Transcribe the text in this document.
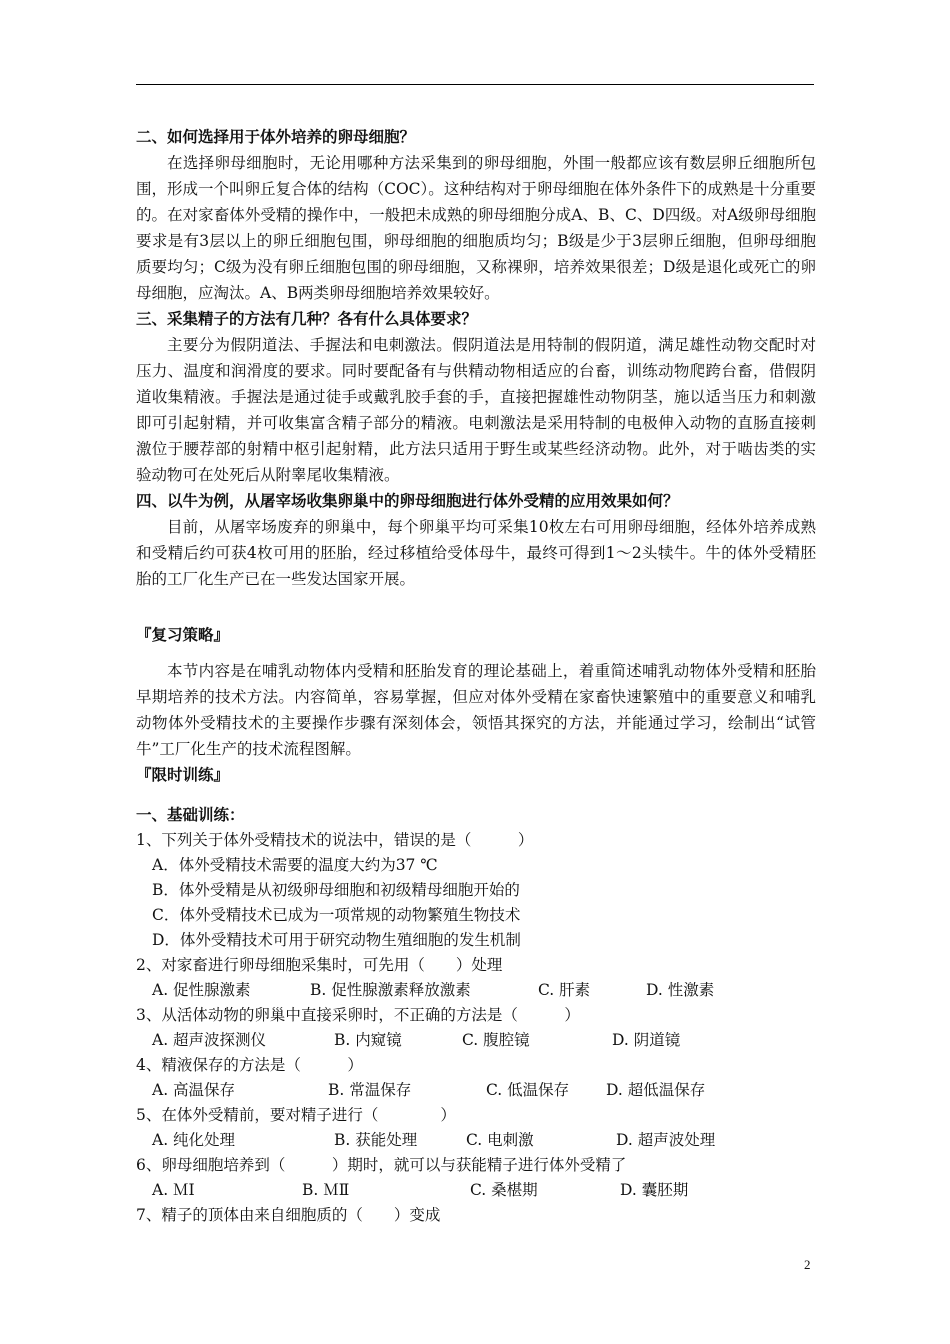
二、如何选择用于体外培养的卵母细胞？

在选择卵母细胞时，无论用哪种方法采集到的卵母细胞，外围一般都应该有数层卵丘细胞所包围，形成一个叫卵丘复合体的结构（COC）。这种结构对于卵母细胞在体外条件下的成熟是十分重要的。在对家畜体外受精的操作中，一般把未成熟的卵母细胞分成A、B、C、D四级。对A级卵母细胞要求是有3层以上的卵丘细胞包围，卵母细胞的细胞质均匀；B级是少于3层卵丘细胞，但卵母细胞质要均匀；C级为没有卵丘细胞包围的卵母细胞，又称裸卵，培养效果很差；D级是退化或死亡的卵母细胞，应淘汰。A、B两类卵母细胞培养效果较好。

三、采集精子的方法有几种？各有什么具体要求？

主要分为假阴道法、手握法和电刺激法。假阴道法是用特制的假阴道，满足雄性动物交配时对压力、温度和润滑度的要求。同时要配备有与供精动物相适应的台畜，训练动物爬跨台畜，借假阴道收集精液。手握法是通过徒手或戴乳胶手套的手，直接把握雄性动物阴茎，施以适当压力和刺激即可引起射精，并可收集富含精子部分的精液。电刺激法是采用特制的电极伸入动物的直肠直接刺激位于腰荐部的射精中枢引起射精，此方法只适用于野生或某些经济动物。此外，对于啮齿类的实验动物可在处死后从附睾尾收集精液。

四、以牛为例，从屠宰场收集卵巢中的卵母细胞进行体外受精的应用效果如何？

目前，从屠宰场废弃的卵巢中，每个卵巢平均可采集10枚左右可用卵母细胞，经体外培养成熟和受精后约可获4枚可用的胚胎，经过移植给受体母牛，最终可得到1～2头犊牛。牛的体外受精胚胎的工厂化生产已在一些发达国家开展。

『复习策略』

本节内容是在哺乳动物体内受精和胚胎发育的理论基础上，着重简述哺乳动物体外受精和胚胎早期培养的技术方法。内容简单，容易掌握，但应对体外受精在家畜快速繁殖中的重要意义和哺乳动物体外受精技术的主要操作步骤有深刻体会，领悟其探究的方法，并能通过学习，绘制出“试管牛”工厂化生产的技术流程图解。

『限时训练』

一、基础训练：

1、下列关于体外受精技术的说法中，错误的是（　　　）

A．体外受精技术需要的温度大约为37 ℃

B．体外受精是从初级卵母细胞和初级精母细胞开始的

C．体外受精技术已成为一项常规的动物繁殖生物技术

D．体外受精技术可用于研究动物生殖细胞的发生机制

2、对家畜进行卵母细胞采集时，可先用（　　）处理

A. 促性腺激素	B. 促性腺激素释放激素	C. 肝素	D. 性激素

3、从活体动物的卵巢中直接采卵时，不正确的方法是（　　　）

A. 超声波探测仪	B. 内窥镜	C. 腹腔镜	D. 阴道镜

4、精液保存的方法是（　　　）

A. 高温保存	B. 常温保存	C. 低温保存	D. 超低温保存

5、在体外受精前，要对精子进行（　　　　）

A. 纯化处理	B. 获能处理	C. 电刺激	D. 超声波处理

6、卵母细胞培养到（　　　）期时，就可以与获能精子进行体外受精了

A. ＭⅠ	B. ＭⅡ	C. 桑椹期	D. 囊胚期

7、精子的顶体由来自细胞质的（　　）变成

2
